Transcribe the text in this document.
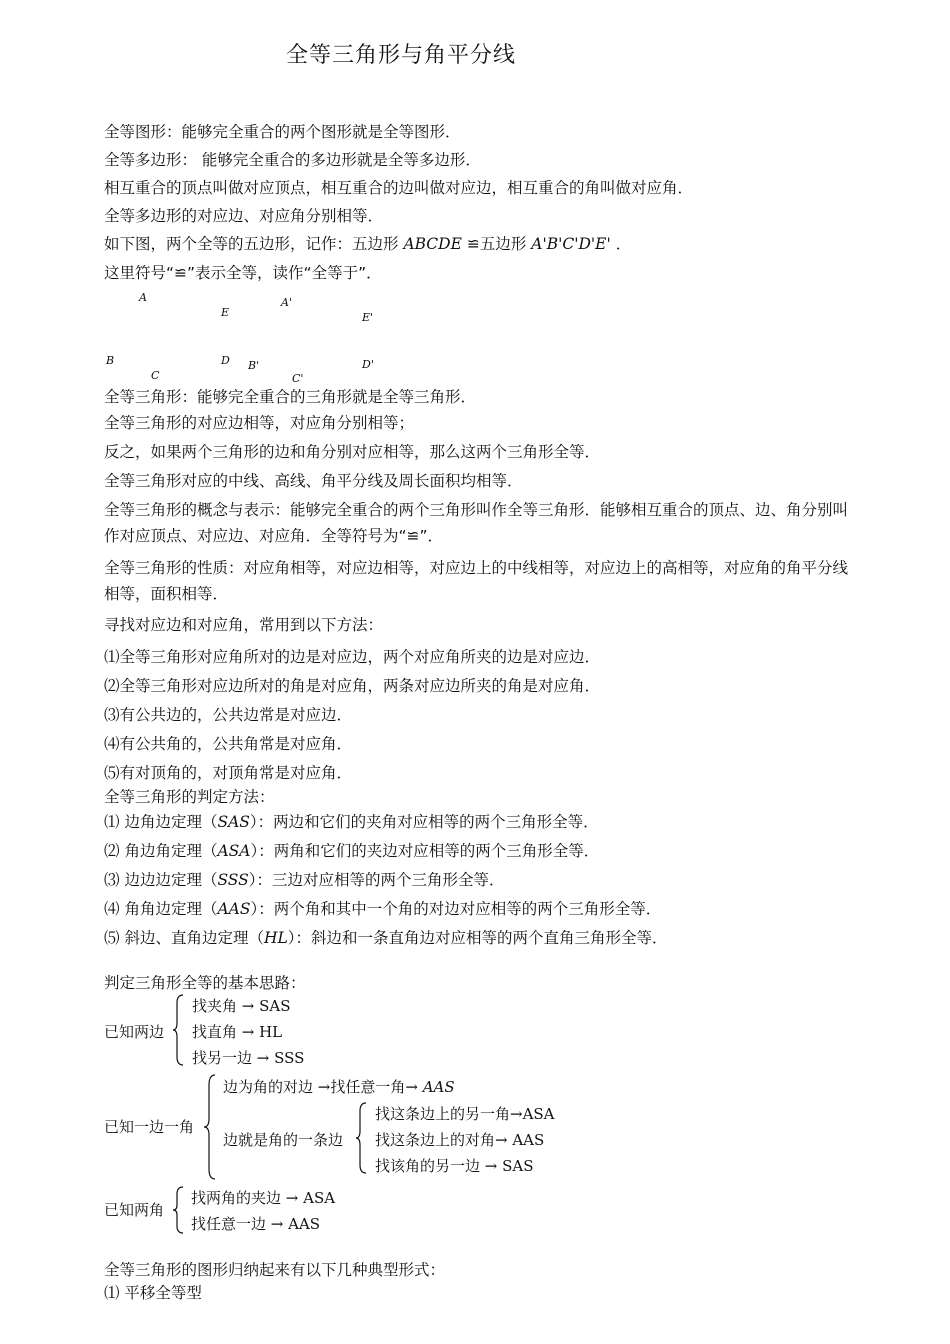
全等三角形与角平分线
全等图形：能够完全重合的两个图形就是全等图形．
全等多边形： 能够完全重合的多边形就是全等多边形．
相互重合的顶点叫做对应顶点，相互重合的边叫做对应边，相互重合的角叫做对应角．
全等多边形的对应边、对应角分别相等．
如下图，两个全等的五边形，记作：五边形 ABCDE ≌五边形 A'B'C'D'E' ．
这里符号“≌”表示全等，读作“全等于”．
A
E
A'
E'
B	D B'	D'
C	C'
全等三角形：能够完全重合的三角形就是全等三角形．
全等三角形的对应边相等，对应角分别相等；
反之，如果两个三角形的边和角分别对应相等，那么这两个三角形全等．
全等三角形对应的中线、高线、角平分线及周长面积均相等．
全等三角形的概念与表示：能够完全重合的两个三角形叫作全等三角形．能够相互重合的顶点、边、角分别叫作对应顶点、对应边、对应角．全等符号为“≌”．
全等三角形的性质：对应角相等，对应边相等，对应边上的中线相等，对应边上的高相等，对应角的角平分线相等，面积相等．
寻找对应边和对应角，常用到以下方法：
⑴全等三角形对应角所对的边是对应边，两个对应角所夹的边是对应边．
⑵全等三角形对应边所对的角是对应角，两条对应边所夹的角是对应角．
⑶有公共边的，公共边常是对应边．
⑷有公共角的，公共角常是对应角．
⑸有对顶角的，对顶角常是对应角．
全等三角形的判定方法：
⑴ 边角边定理（SAS）：两边和它们的夹角对应相等的两个三角形全等．
⑵ 角边角定理（ASA）：两角和它们的夹边对应相等的两个三角形全等．
⑶ 边边边定理（SSS）：三边对应相等的两个三角形全等．
⑷ 角角边定理（AAS）：两个角和其中一个角的对边对应相等的两个三角形全等．
⑸ 斜边、直角边定理（HL）：斜边和一条直角边对应相等的两个直角三角形全等．
判定三角形全等的基本思路：
已知两边
找夹角 → SAS
找直角 → HL
找另一边 → SSS
已知一边一角
边为角的对边 →找任意一角→ AAS
边就是角的一条边
找这条边上的另一角→ASA
找这条边上的对角→ AAS
找该角的另一边 → SAS
已知两角
找两角的夹边 → ASA
找任意一边 → AAS
全等三角形的图形归纳起来有以下几种典型形式：
⑴ 平移全等型
